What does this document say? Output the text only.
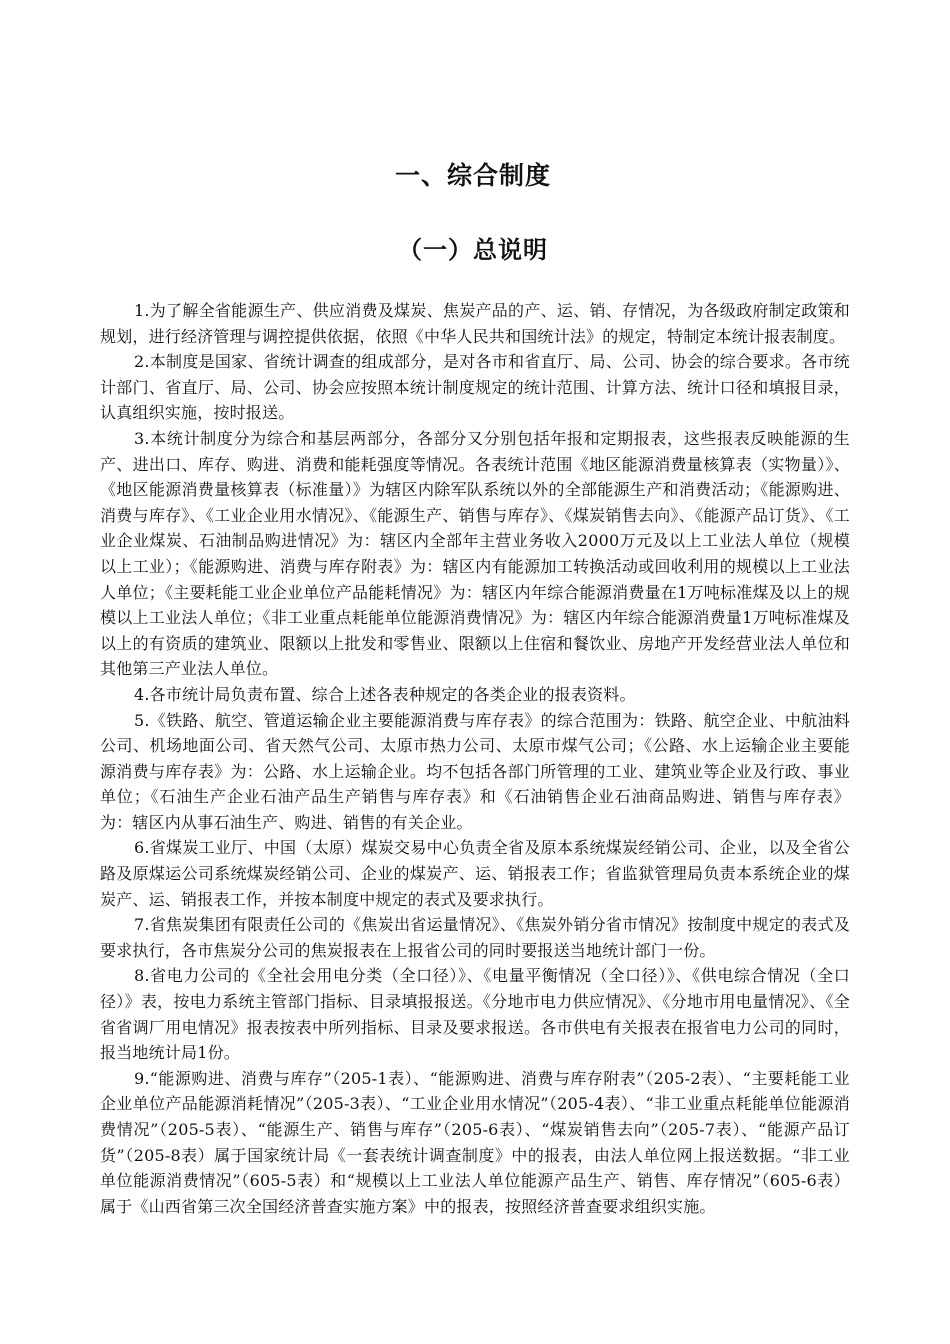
一、综合制度
（一）总说明

1.为了解全省能源生产、供应消费及煤炭、焦炭产品的产、运、销、存情况，为各级政府制定政策和规划，进行经济管理与调控提供依据，依照《中华人民共和国统计法》的规定，特制定本统计报表制度。

2.本制度是国家、省统计调查的组成部分，是对各市和省直厅、局、公司、协会的综合要求。各市统计部门、省直厅、局、公司、协会应按照本统计制度规定的统计范围、计算方法、统计口径和填报目录，认真组织实施，按时报送。

3.本统计制度分为综合和基层两部分，各部分又分别包括年报和定期报表，这些报表反映能源的生产、进出口、库存、购进、消费和能耗强度等情况。各表统计范围《地区能源消费量核算表（实物量）》、《地区能源消费量核算表（标准量）》为辖区内除军队系统以外的全部能源生产和消费活动；《能源购进、消费与库存》、《工业企业用水情况》、《能源生产、销售与库存》、《煤炭销售去向》、《能源产品订货》、《工业企业煤炭、石油制品购进情况》为：辖区内全部年主营业务收入2000万元及以上工业法人单位（规模以上工业）；《能源购进、消费与库存附表》为：辖区内有能源加工转换活动或回收利用的规模以上工业法人单位；《主要耗能工业企业单位产品能耗情况》为：辖区内年综合能源消费量在1万吨标准煤及以上的规模以上工业法人单位；《非工业重点耗能单位能源消费情况》为：辖区内年综合能源消费量1万吨标准煤及以上的有资质的建筑业、限额以上批发和零售业、限额以上住宿和餐饮业、房地产开发经营业法人单位和其他第三产业法人单位。

4.各市统计局负责布置、综合上述各表种规定的各类企业的报表资料。

5.《铁路、航空、管道运输企业主要能源消费与库存表》的综合范围为：铁路、航空企业、中航油料公司、机场地面公司、省天然气公司、太原市热力公司、太原市煤气公司；《公路、水上运输企业主要能源消费与库存表》为：公路、水上运输企业。均不包括各部门所管理的工业、建筑业等企业及行政、事业单位；《石油生产企业石油产品生产销售与库存表》和《石油销售企业石油商品购进、销售与库存表》为：辖区内从事石油生产、购进、销售的有关企业。

6.省煤炭工业厅、中国（太原）煤炭交易中心负责全省及原本系统煤炭经销公司、企业，以及全省公路及原煤运公司系统煤炭经销公司、企业的煤炭产、运、销报表工作；省监狱管理局负责本系统企业的煤炭产、运、销报表工作，并按本制度中规定的表式及要求执行。

7.省焦炭集团有限责任公司的《焦炭出省运量情况》、《焦炭外销分省市情况》按制度中规定的表式及要求执行，各市焦炭分公司的焦炭报表在上报省公司的同时要报送当地统计部门一份。

8.省电力公司的《全社会用电分类（全口径）》、《电量平衡情况（全口径）》、《供电综合情况（全口径）》表，按电力系统主管部门指标、目录填报报送。《分地市电力供应情况》、《分地市用电量情况》、《全省省调厂用电情况》报表按表中所列指标、目录及要求报送。各市供电有关报表在报省电力公司的同时，报当地统计局1份。

9.“能源购进、消费与库存”（205-1表）、“能源购进、消费与库存附表”（205-2表）、“主要耗能工业企业单位产品能源消耗情况”（205-3表）、“工业企业用水情况”（205-4表）、“非工业重点耗能单位能源消费情况”（205-5表）、“能源生产、销售与库存”（205-6表）、“煤炭销售去向”（205-7表）、“能源产品订货”（205-8表）属于国家统计局《一套表统计调查制度》中的报表，由法人单位网上报送数据。“非工业单位能源消费情况”（605-5表）和“规模以上工业法人单位能源产品生产、销售、库存情况”（605-6表）属于《山西省第三次全国经济普查实施方案》中的报表，按照经济普查要求组织实施。
